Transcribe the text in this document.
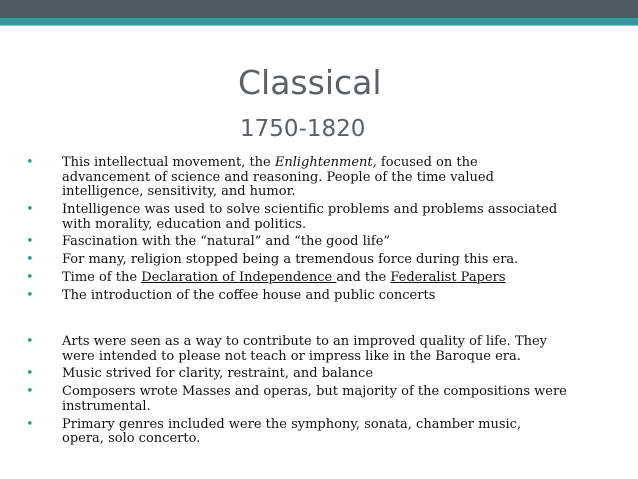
Classical
1750-1820
•	This intellectual movement, the Enlightenment, focused on the
advancement of science and reasoning. People of the time valued
intelligence, sensitivity, and humor.
•	Intelligence was used to solve scientific problems and problems associated
with morality, education and politics.
•	Fascination with the “natural” and “the good life”
•	For many, religion stopped being a tremendous force during this era.
•	Time of the Declaration of Independence and the Federalist Papers
•	The introduction of the coffee house and public concerts
•	Arts were seen as a way to contribute to an improved quality of life. They
were intended to please not teach or impress like in the Baroque era.
•	Music strived for clarity, restraint, and balance
•	Composers wrote Masses and operas, but majority of the compositions were
instrumental.
•	Primary genres included were the symphony, sonata, chamber music,
opera, solo concerto.
